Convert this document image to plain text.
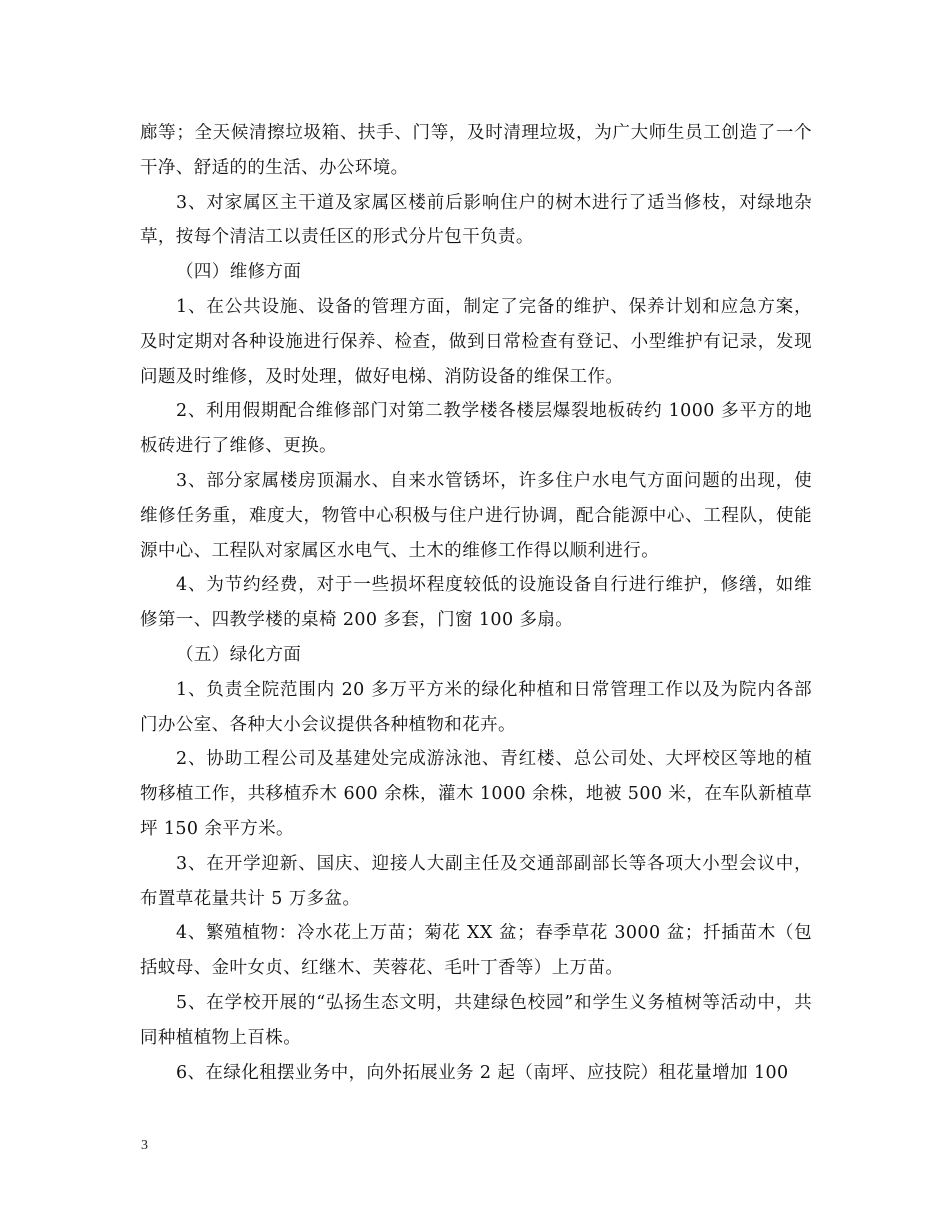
廊等；全天候清擦垃圾箱、扶手、门等，及时清理垃圾，为广大师生员工创造了一个干净、舒适的的生活、办公环境。

3、对家属区主干道及家属区楼前后影响住户的树木进行了适当修枝，对绿地杂草，按每个清洁工以责任区的形式分片包干负责。

（四）维修方面

1、在公共设施、设备的管理方面，制定了完备的维护、保养计划和应急方案，及时定期对各种设施进行保养、检查，做到日常检查有登记、小型维护有记录，发现问题及时维修，及时处理，做好电梯、消防设备的维保工作。

2、利用假期配合维修部门对第二教学楼各楼层爆裂地板砖约 1000 多平方的地板砖进行了维修、更换。

3、部分家属楼房顶漏水、自来水管锈坏，许多住户水电气方面问题的出现，使维修任务重，难度大，物管中心积极与住户进行协调，配合能源中心、工程队，使能源中心、工程队对家属区水电气、土木的维修工作得以顺利进行。

4、为节约经费，对于一些损坏程度较低的设施设备自行进行维护，修缮，如维修第一、四教学楼的桌椅 200 多套，门窗 100 多扇。

（五）绿化方面

1、负责全院范围内 20 多万平方米的绿化种植和日常管理工作以及为院内各部门办公室、各种大小会议提供各种植物和花卉。

2、协助工程公司及基建处完成游泳池、青红楼、总公司处、大坪校区等地的植物移植工作，共移植乔木 600 余株，灌木 1000 余株，地被 500 米，在车队新植草坪 150 余平方米。

3、在开学迎新、国庆、迎接人大副主任及交通部副部长等各项大小型会议中，布置草花量共计 5 万多盆。

4、繁殖植物：冷水花上万苗；菊花 XX 盆；春季草花 3000 盆；扦插苗木（包括蚊母、金叶女贞、红继木、芙蓉花、毛叶丁香等）上万苗。

5、在学校开展的“弘扬生态文明，共建绿色校园”和学生义务植树等活动中，共同种植植物上百株。

6、在绿化租摆业务中，向外拓展业务 2 起（南坪、应技院）租花量增加 100

3
